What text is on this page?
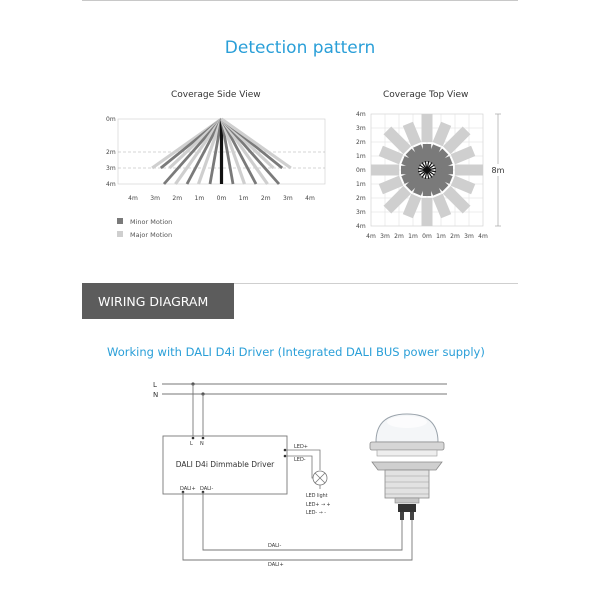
Detection pattern
Coverage Side View	Coverage Top View
0m
2m
3m
4m
4m 3m 2m 1m 0m 1m 2m 3m 4m
Minor Motion
Major Motion
4m
3m
2m
1m
0m
1m
2m
3m
4m
4m 3m 2m 1m 0m 1m 2m 3m 4m
8m
WIRING DIAGRAM
Working with DALI D4i Driver (Integrated DALI BUS power supply)
L
N
L N
DALI D4i Dimmable Driver
DALI+ DALI-
LED+
LED-
LED light
LED+ → +
LED- → -
DALI-
DALI+
